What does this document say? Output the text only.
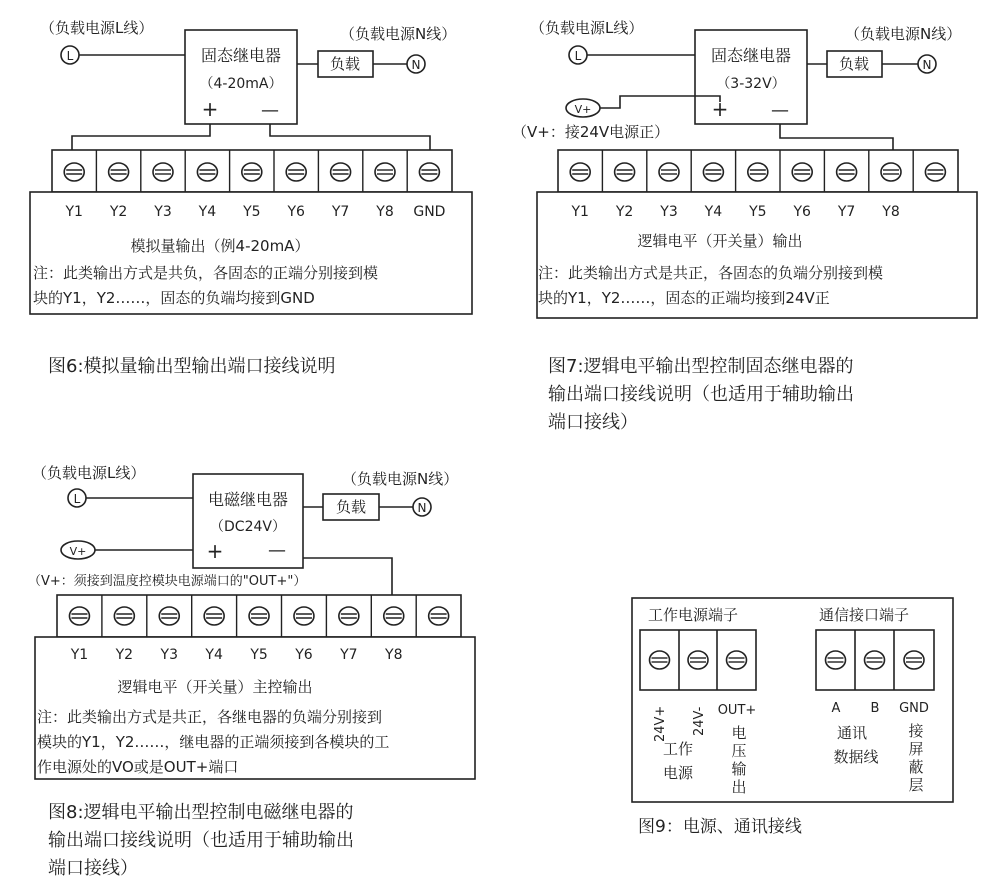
（负载电源L线）	（负载电源N线）
L	固态继电器
（4-20mA）
+ —
负载	N
Y1 Y2 Y3 Y4 Y5 Y6 Y7 Y8 GND
模拟量输出（例4-20mA）
注：此类输出方式是共负，各固态的正端分别接到模
块的Y1，Y2……，固态的负端均接到GND
图6:模拟量输出型输出端口接线说明
（负载电源L线）	（负载电源N线）
L	固态继电器
（3-32V）
+ —
负载	N
V+
（V+：接24V电源正）
Y1 Y2 Y3 Y4 Y5 Y6 Y7 Y8
逻辑电平（开关量）输出
注：此类输出方式是共正，各固态的负端分别接到模
块的Y1，Y2……，固态的正端均接到24V正
图7:逻辑电平输出型控制固态继电器的
输出端口接线说明（也适用于辅助输出
端口接线）
（负载电源L线）	（负载电源N线）
L	电磁继电器
（DC24V）
+ —
负载	N
V+
（V+：须接到温度控模块电源端口的"OUT+"）
Y1 Y2 Y3 Y4 Y5 Y6 Y7 Y8
逻辑电平（开关量）主控输出
注：此类输出方式是共正，各继电器的负端分别接到
模块的Y1，Y2……，继电器的正端须接到各模块的工
作电源处的VO或是OUT+端口
图8:逻辑电平输出型控制电磁继电器的
输出端口接线说明（也适用于辅助输出
端口接线）
工作电源端子	通信接口端子
24V+ 24V- OUT+	A B GND
工作
电源
电
压
输
出
通讯
数据线
接
屏
蔽
层
图9：电源、通讯接线
